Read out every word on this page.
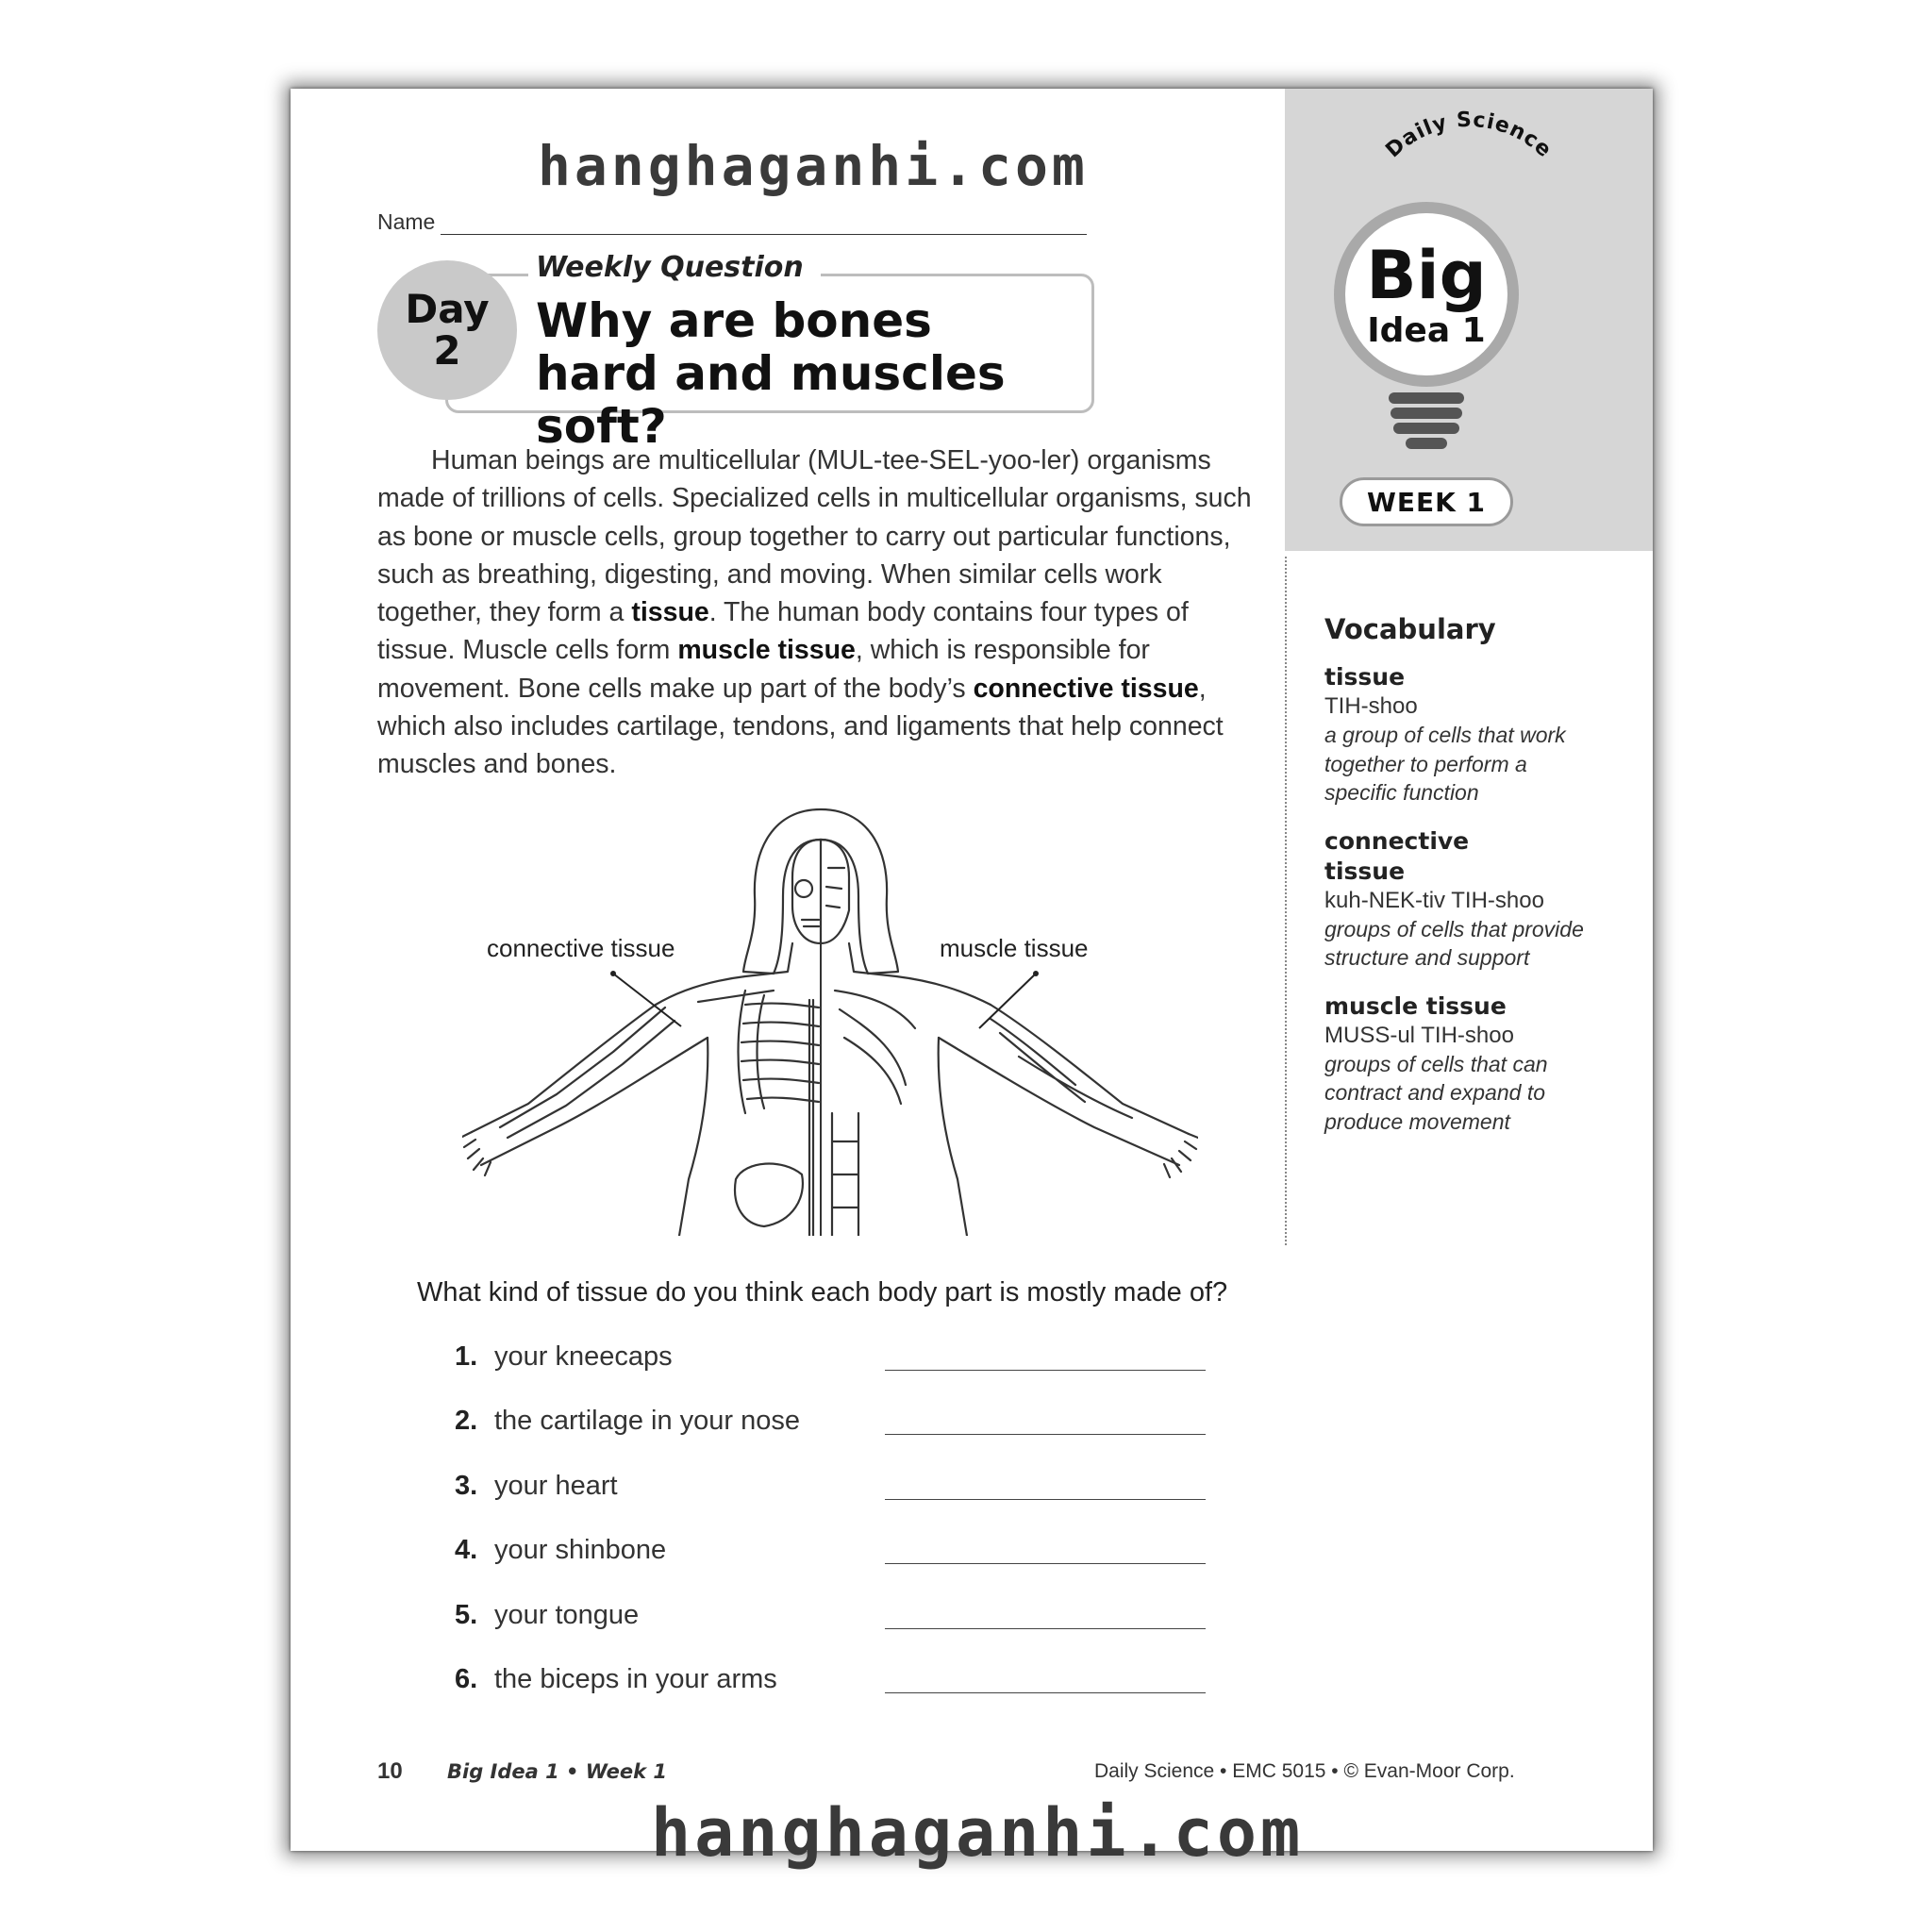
hanghaganhi.com
Name
Weekly Question
Why are bones hard and muscles soft?
Day
2
Human beings are multicellular (MUL-tee-SEL-yoo-ler) organisms made of trillions of cells. Specialized cells in multicellular organisms, such as bone or muscle cells, group together to carry out particular functions, such as breathing, digesting, and moving. When similar cells work together, they form a tissue. The human body contains four types of tissue. Muscle cells form muscle tissue, which is responsible for movement. Bone cells make up part of the body’s connective tissue, which also includes cartilage, tendons, and ligaments that help connect muscles and bones.
connective tissue	muscle tissue
Daily Science
Big
Idea 1
WEEK 1
Vocabulary
tissue
TIH-shoo
a group of cells that work together to perform a specific function
connective tissue
kuh-NEK-tiv TIH-shoo
groups of cells that provide structure and support
muscle tissue
MUSS-ul TIH-shoo
groups of cells that can contract and expand to produce movement
What kind of tissue do you think each body part is mostly made of?
1. your kneecaps
2. the cartilage in your nose
3. your heart
4. your shinbone
5. your tongue
6. the biceps in your arms
10 Big Idea 1 • Week 1	Daily Science • EMC 5015 • © Evan-Moor Corp.
hanghaganhi.com
